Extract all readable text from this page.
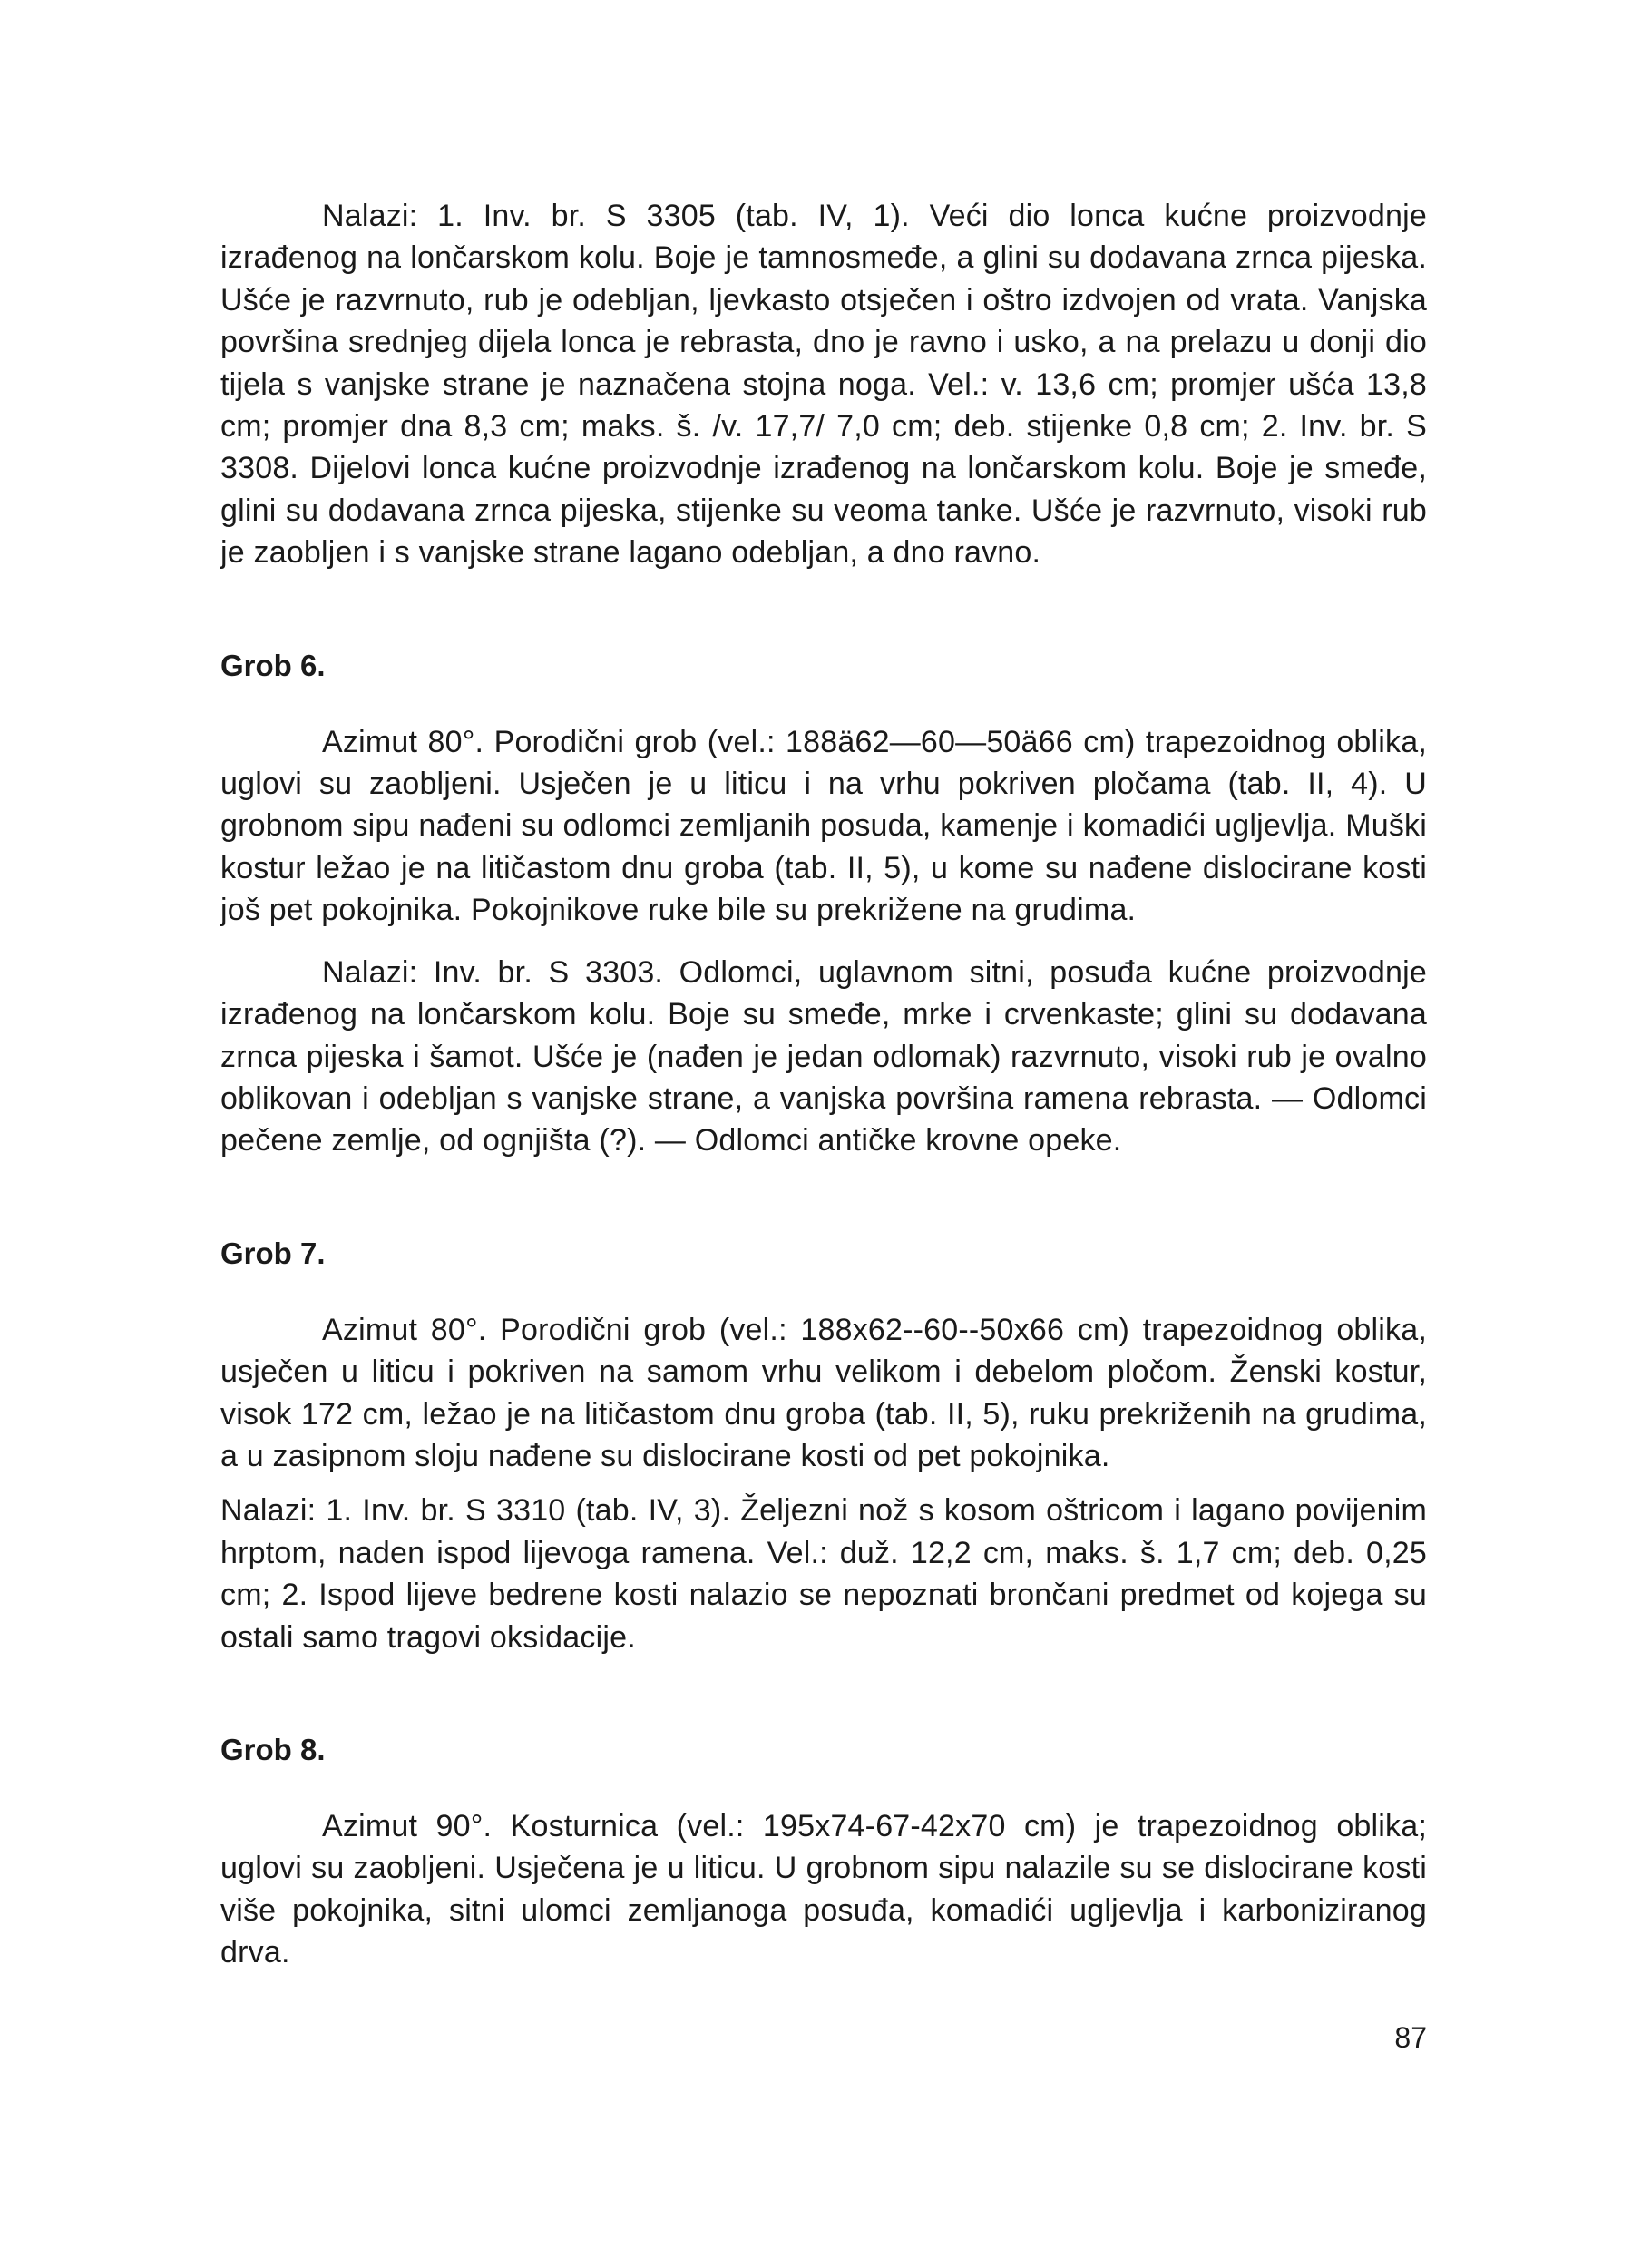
Nalazi: 1. Inv. br. S 3305 (tab. IV, 1). Veći dio lonca kućne proizvodnje izrađenog na lončarskom kolu. Boje je tamnosmeđe, a glini su dodavana zrnca pijeska. Ušće je razvrnuto, rub je odebljan, ljevkasto otsječen i oštro izdvojen od vrata. Vanjska površina srednjeg dijela lonca je rebrasta, dno je ravno i usko, a na prelazu u donji dio tijela s vanjske strane je naznačena stojna noga. Vel.: v. 13,6 cm; promjer ušća 13,8 cm; promjer dna 8,3 cm; maks. š. /v. 17,7/ 7,0 cm; deb. stijenke 0,8 cm; 2. Inv. br. S 3308. Dijelovi lonca kućne proizvodnje izrađenog na lončarskom kolu. Boje je smeđe, glini su dodavana zrnca pijeska, stijenke su veoma tanke. Ušće je razvrnuto, visoki rub je zaobljen i s vanjske strane lagano odebljan, a dno ravno.

Grob 6.

Azimut 80°. Porodični grob (vel.: 188ä62—60—50ä66 cm) trapezoidnog oblika, uglovi su zaobljeni. Usječen je u liticu i na vrhu pokriven pločama (tab. II, 4). U grobnom sipu nađeni su odlomci zemljanih posuda, kamenje i komadići ugljevlja. Muški kostur ležao je na litičastom dnu groba (tab. II, 5), u kome su nađene dislocirane kosti još pet pokojnika. Pokojnikove ruke bile su prekrižene na grudima.

Nalazi: Inv. br. S 3303. Odlomci, uglavnom sitni, posuđa kućne proizvodnje izrađenog na lončarskom kolu. Boje su smeđe, mrke i crvenkaste; glini su dodavana zrnca pijeska i šamot. Ušće je (nađen je jedan odlomak) razvrnuto, visoki rub je ovalno oblikovan i odebljan s vanjske strane, a vanjska površina ramena rebrasta. — Odlomci pečene zemlje, od ognjišta (?). — Odlomci antičke krovne opeke.

Grob 7.

Azimut 80°. Porodični grob (vel.: 188x62--60--50x66 cm) trapezoidnog oblika, usječen u liticu i pokriven na samom vrhu velikom i debelom pločom. Ženski kostur, visok 172 cm, ležao je na litičastom dnu groba (tab. II, 5), ruku prekriženih na grudima, a u zasipnom sloju nađene su dislocirane kosti od pet pokojnika.

Nalazi: 1. Inv. br. S 3310 (tab. IV, 3). Željezni nož s kosom oštricom i lagano povijenim hrptom, naden ispod lijevoga ramena. Vel.: duž. 12,2 cm, maks. š. 1,7 cm; deb. 0,25 cm; 2. Ispod lijeve bedrene kosti nalazio se nepoznati brončani predmet od kojega su ostali samo tragovi oksidacije.

Grob 8.

Azimut 90°. Kosturnica (vel.: 195x74-67-42x70 cm) je trapezoidnog oblika; uglovi su zaobljeni. Usječena je u liticu. U grobnom sipu nalazile su se dislocirane kosti više pokojnika, sitni ulomci zemljanoga posuđa, komadići ugljevlja i karboniziranog drva.

87
